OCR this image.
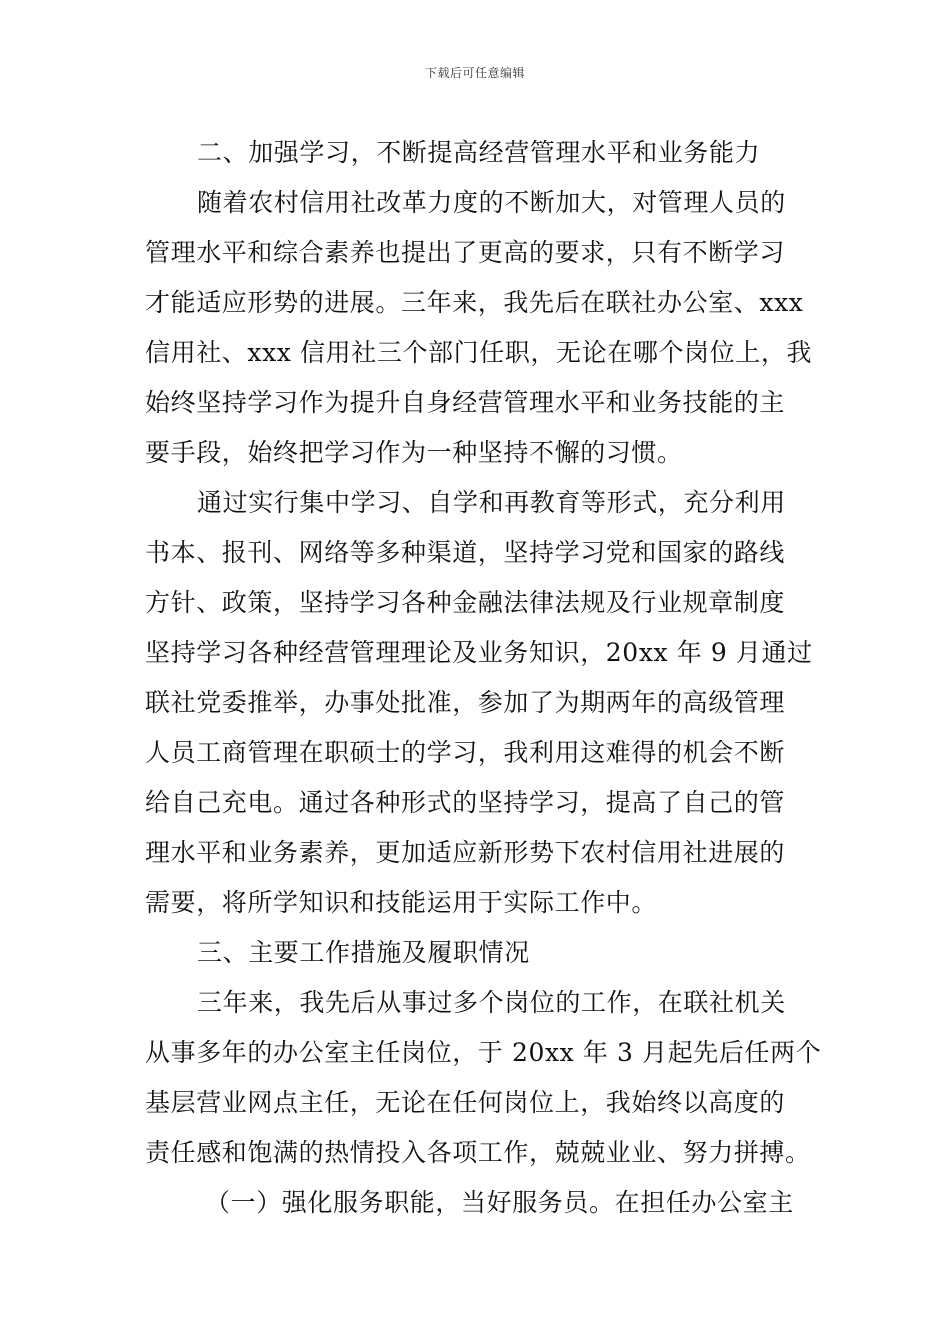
下载后可任意编辑
二、加强学习，不断提高经营管理水平和业务能力
随着农村信用社改革力度的不断加大，对管理人员的
管理水平和综合素养也提出了更高的要求，只有不断学习
才能适应形势的进展。三年来，我先后在联社办公室、xxx
信用社、xxx 信用社三个部门任职，无论在哪个岗位上，我
始终坚持学习作为提升自身经营管理水平和业务技能的主
要手段，始终把学习作为一种坚持不懈的习惯。
通过实行集中学习、自学和再教育等形式，充分利用
书本、报刊、网络等多种渠道，坚持学习党和国家的路线
方针、政策，坚持学习各种金融法律法规及行业规章制度
坚持学习各种经营管理理论及业务知识，20xx 年 9 月通过
联社党委推举，办事处批准，参加了为期两年的高级管理
人员工商管理在职硕士的学习，我利用这难得的机会不断
给自己充电。通过各种形式的坚持学习，提高了自己的管
理水平和业务素养，更加适应新形势下农村信用社进展的
需要，将所学知识和技能运用于实际工作中。
三、主要工作措施及履职情况
三年来，我先后从事过多个岗位的工作，在联社机关
从事多年的办公室主任岗位，于 20xx 年 3 月起先后任两个
基层营业网点主任，无论在任何岗位上，我始终以高度的
责任感和饱满的热情投入各项工作，兢兢业业、努力拼搏。
（一）强化服务职能，当好服务员。在担任办公室主
